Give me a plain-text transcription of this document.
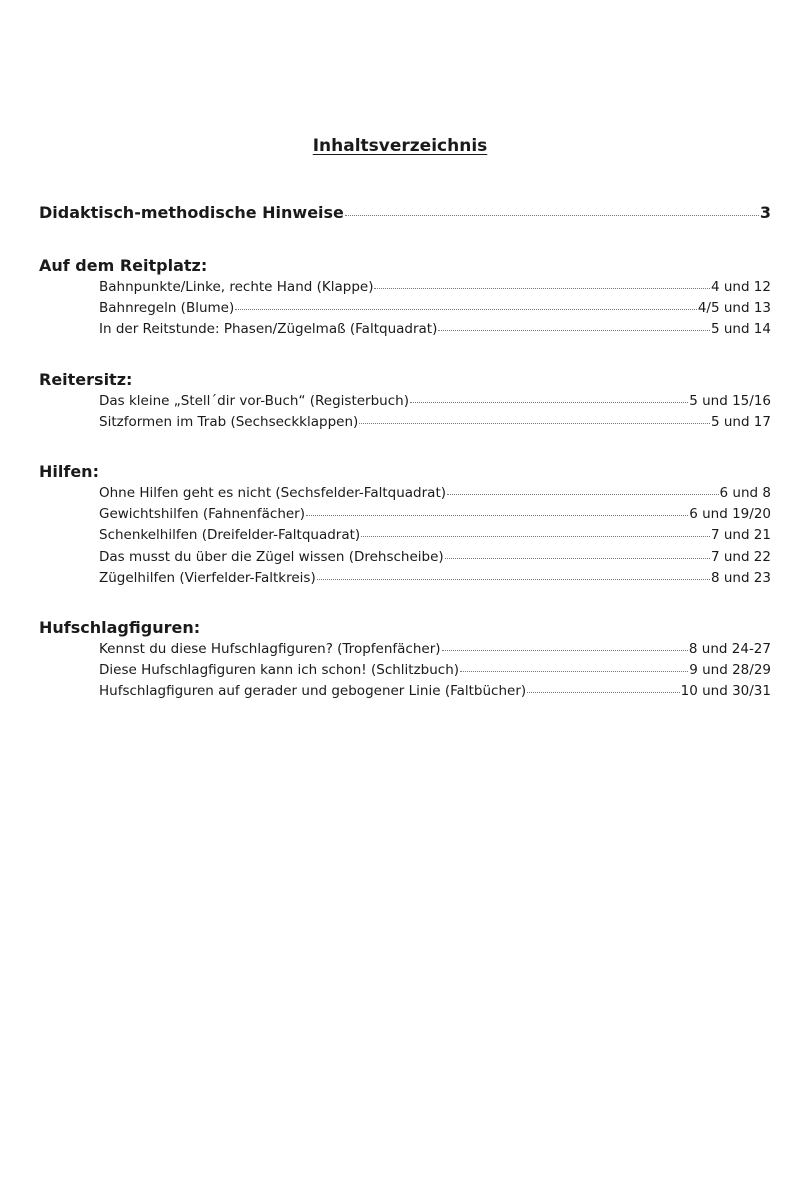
Inhaltsverzeichnis
Didaktisch-methodische Hinweise	3
Auf dem Reitplatz:
Bahnpunkte/Linke, rechte Hand (Klappe)	4 und 12
Bahnregeln (Blume)	4/5 und 13
In der Reitstunde: Phasen/Zügelmaß (Faltquadrat)	5 und 14
Reitersitz:
Das kleine „Stell´dir vor-Buch“ (Registerbuch)	5 und 15/16
Sitzformen im Trab (Sechseckklappen)	5 und 17
Hilfen:
Ohne Hilfen geht es nicht (Sechsfelder-Faltquadrat)	6 und 8
Gewichtshilfen (Fahnenfächer)	6 und 19/20
Schenkelhilfen (Dreifelder-Faltquadrat)	7 und 21
Das musst du über die Zügel wissen (Drehscheibe)	7 und 22
Zügelhilfen (Vierfelder-Faltkreis)	8 und 23
Hufschlagfiguren:
Kennst du diese Hufschlagfiguren? (Tropfenfächer)	8 und 24-27
Diese Hufschlagfiguren kann ich schon! (Schlitzbuch)	9 und 28/29
Hufschlagfiguren auf gerader und gebogener Linie (Faltbücher)	10 und 30/31
